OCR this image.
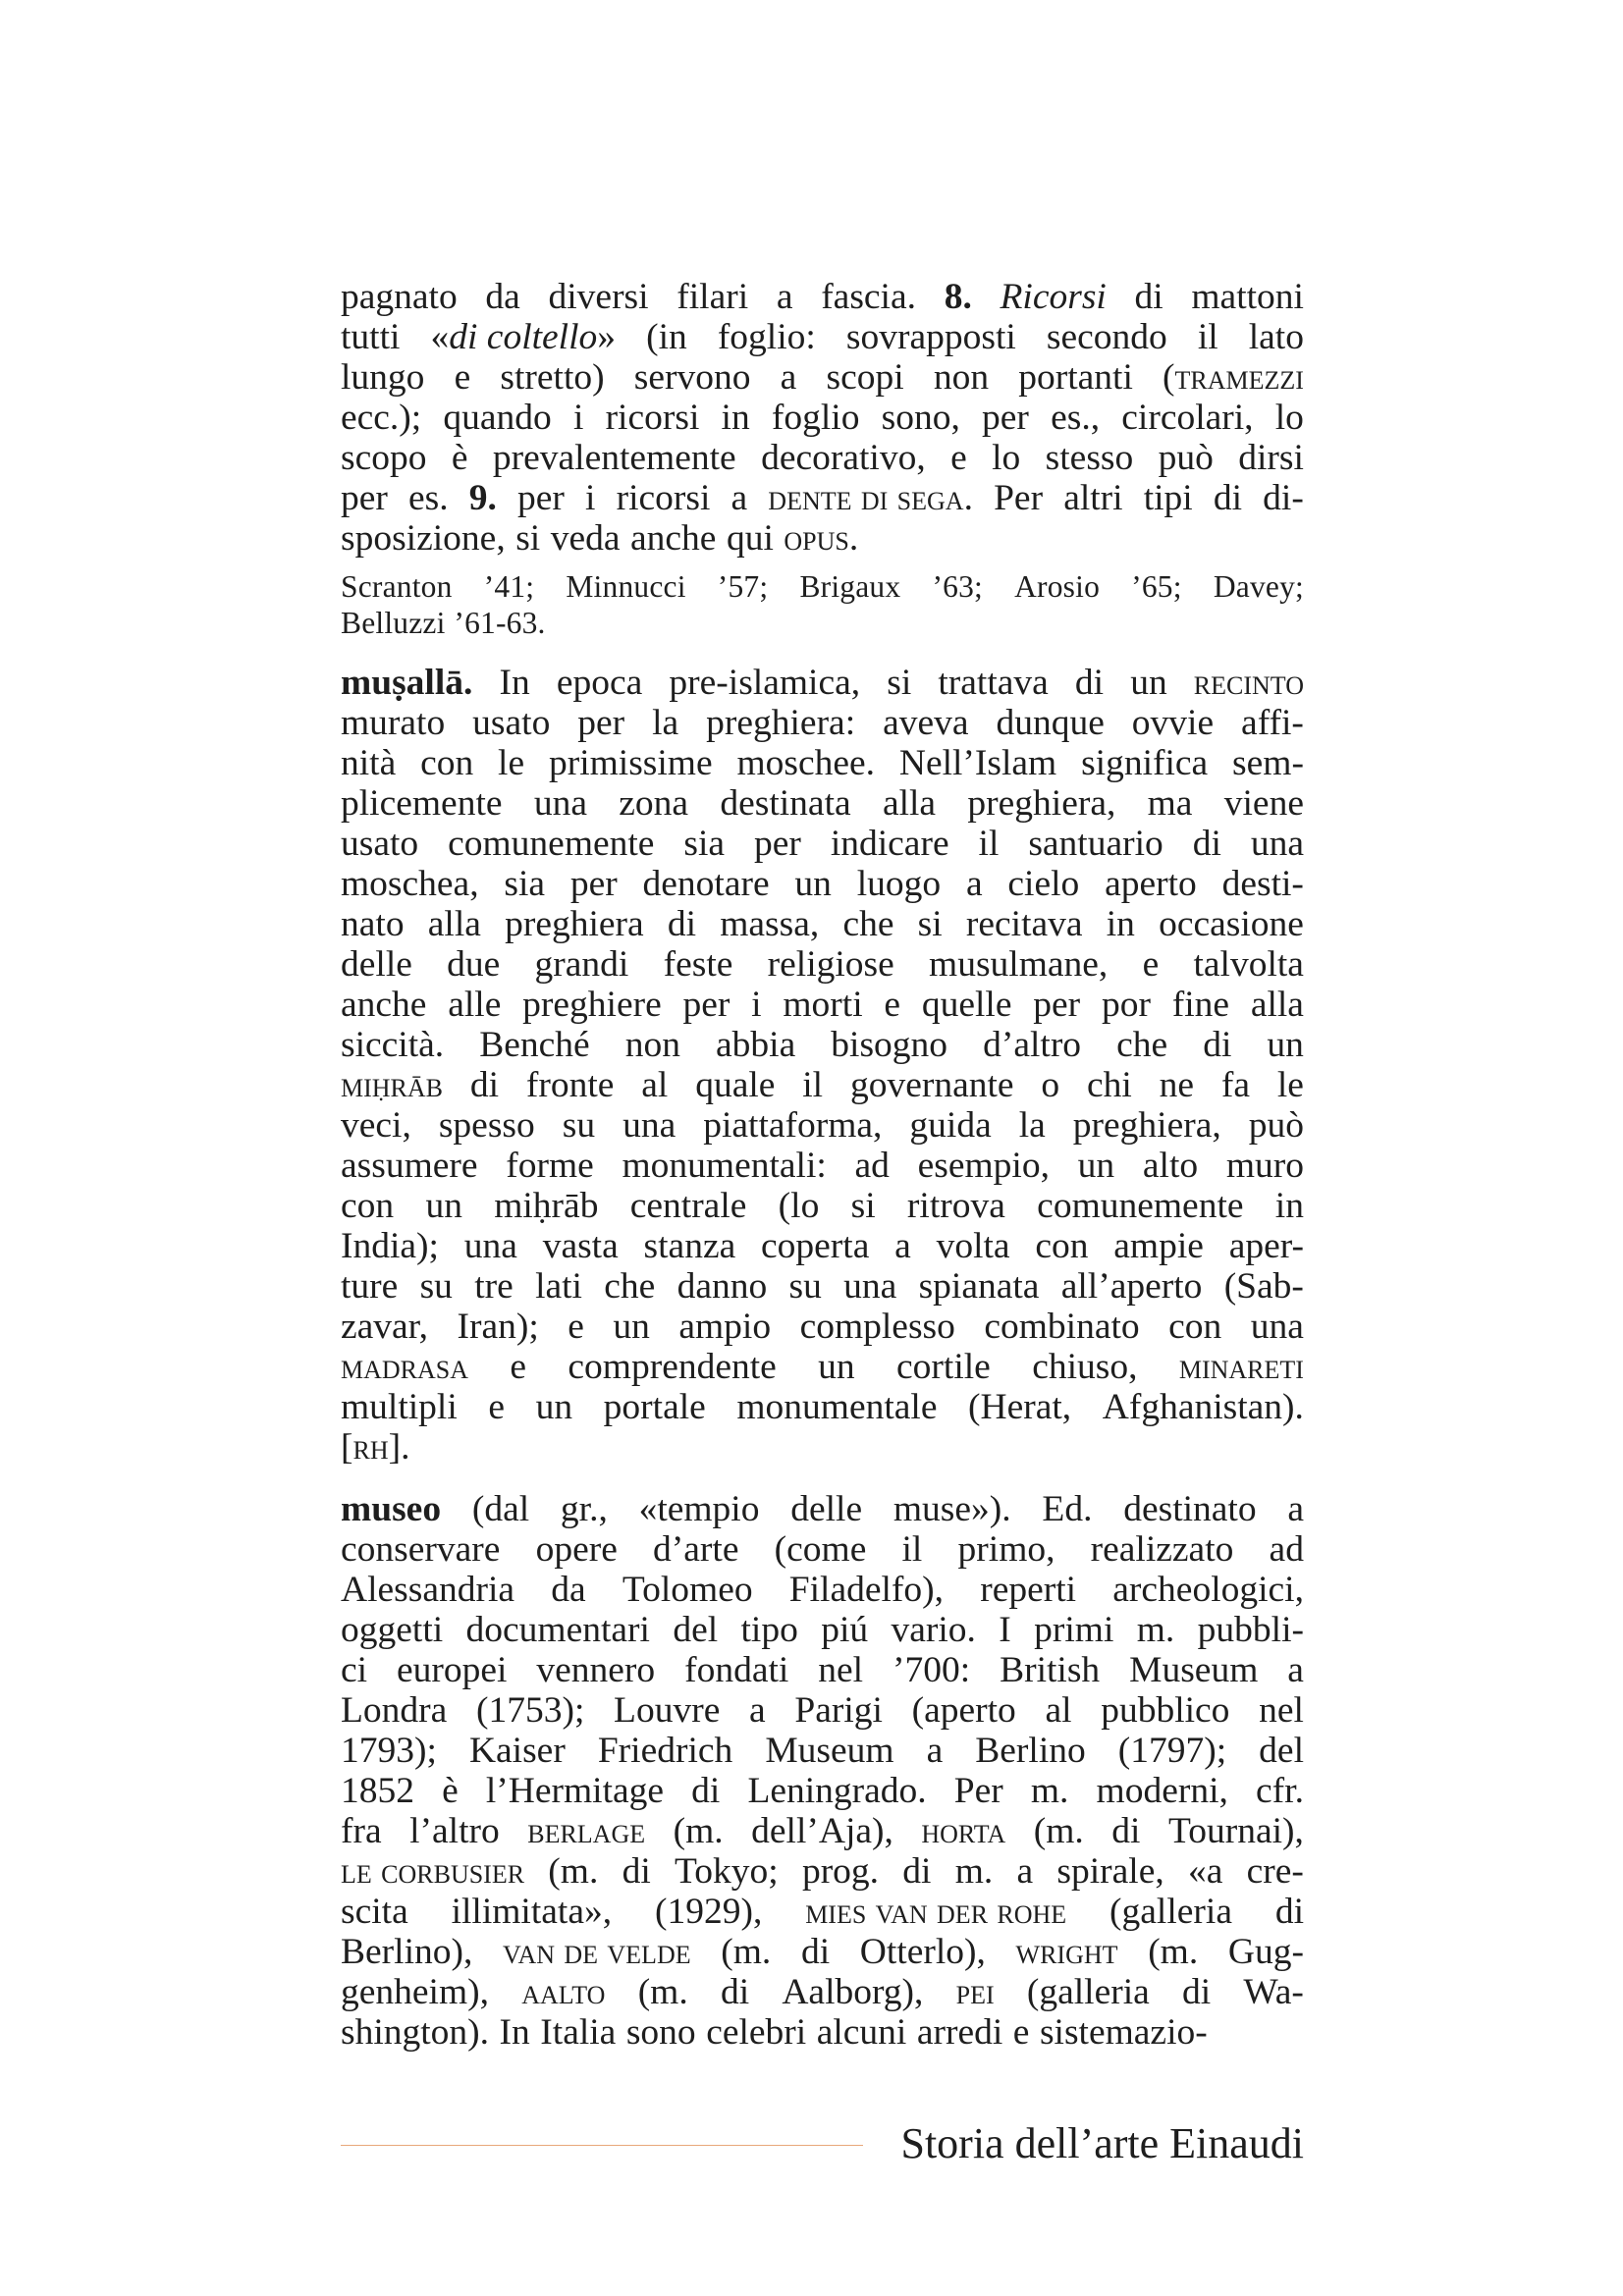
pagnato da diversi filari a fascia. 8. Ricorsi di mattoni
tutti «di coltello» (in foglio: sovrapposti secondo il lato
lungo e stretto) servono a scopi non portanti (tramezzi
ecc.); quando i ricorsi in foglio sono, per es., circolari, lo
scopo è prevalentemente decorativo, e lo stesso può dirsi
per es. 9. per i ricorsi a dente di sega. Per altri tipi di di-
sposizione, si veda anche qui opus.
Scranton ’41; Minnucci ’57; Brigaux ’63; Arosio ’65; Davey;
Belluzzi ’61-63.
muṣallā. In epoca pre-islamica, si trattava di un recinto
murato usato per la preghiera: aveva dunque ovvie affi-
nità con le primissime moschee. Nell’Islam significa sem-
plicemente una zona destinata alla preghiera, ma viene
usato comunemente sia per indicare il santuario di una
moschea, sia per denotare un luogo a cielo aperto desti-
nato alla preghiera di massa, che si recitava in occasione
delle due grandi feste religiose musulmane, e talvolta
anche alle preghiere per i morti e quelle per por fine alla
siccità. Benché non abbia bisogno d’altro che di un
miḥrāb di fronte al quale il governante o chi ne fa le
veci, spesso su una piattaforma, guida la preghiera, può
assumere forme monumentali: ad esempio, un alto muro
con un miḥrāb centrale (lo si ritrova comunemente in
India); una vasta stanza coperta a volta con ampie aper-
ture su tre lati che danno su una spianata all’aperto (Sab-
zavar, Iran); e un ampio complesso combinato con una
madrasa e comprendente un cortile chiuso, minareti
multipli e un portale monumentale (Herat, Afghanistan).
[rh].
museo (dal gr., «tempio delle muse»). Ed. destinato a
conservare opere d’arte (come il primo, realizzato ad
Alessandria da Tolomeo Filadelfo), reperti archeologici,
oggetti documentari del tipo piú vario. I primi m. pubbli-
ci europei vennero fondati nel ’700: British Museum a
Londra (1753); Louvre a Parigi (aperto al pubblico nel
1793); Kaiser Friedrich Museum a Berlino (1797); del
1852 è l’Hermitage di Leningrado. Per m. moderni, cfr.
fra l’altro berlage (m. dell’Aja), horta (m. di Tournai),
le corbusier (m. di Tokyo; prog. di m. a spirale, «a cre-
scita illimitata», (1929), mies van der rohe (galleria di
Berlino), van de velde (m. di Otterlo), wright (m. Gug-
genheim), aalto (m. di Aalborg), pei (galleria di Wa-
shington). In Italia sono celebri alcuni arredi e sistemazio-
Storia dell’arte Einaudi
